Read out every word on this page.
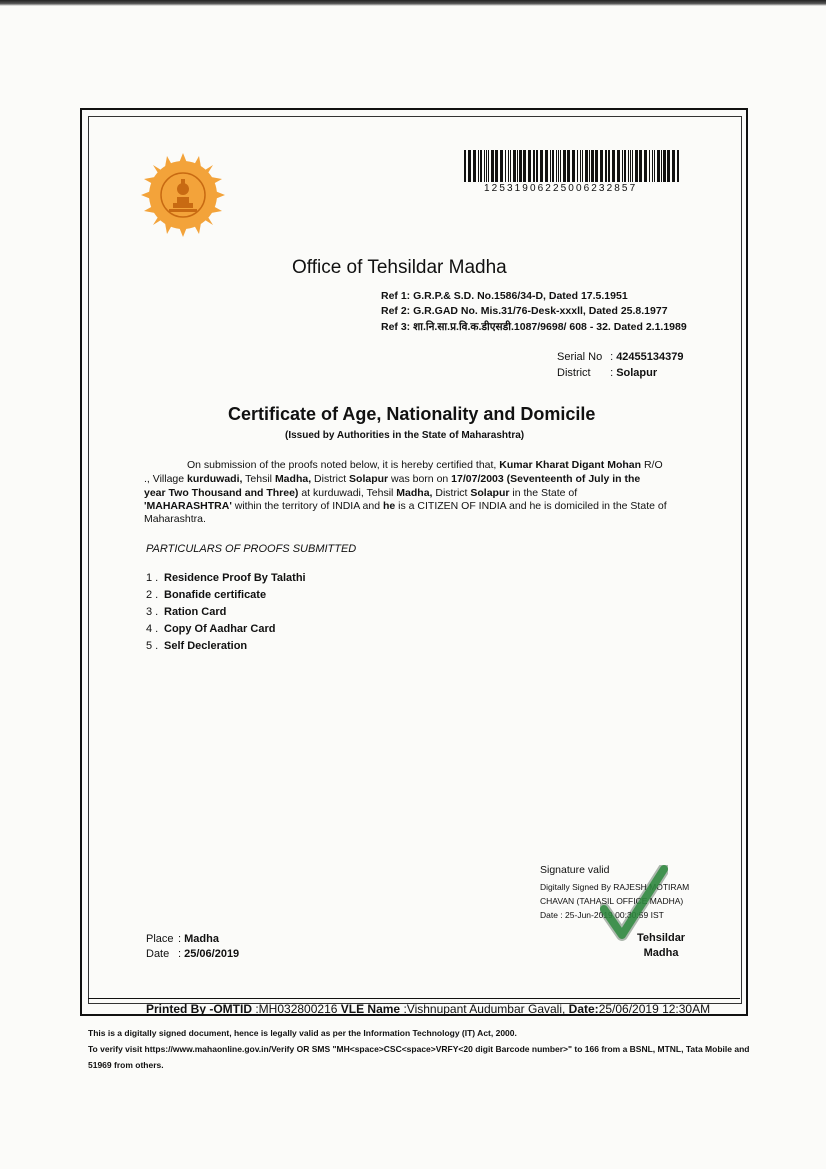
12531906225006232857
Office of Tehsildar Madha
Ref 1: G.R.P.& S.D. No.1586/34-D, Dated 17.5.1951
Ref 2: G.R.GAD No. Mis.31/76-Desk-xxxll, Dated 25.8.1977
Ref 3: शा.नि.सा.प्र.वि.क.डीएसडी.1087/9698/ 608 - 32. Dated 2.1.1989
Serial No : 42455134379
District : Solapur
Certificate of Age, Nationality and Domicile
(Issued by Authorities in the State of Maharashtra)
On submission of the proofs noted below, it is hereby certified that, Kumar Kharat Digant Mohan R/O
., Village kurduwadi, Tehsil Madha, District Solapur was born on 17/07/2003 (Seventeenth of July in the
year Two Thousand and Three) at kurduwadi, Tehsil Madha, District Solapur in the State of
'MAHARASHTRA' within the territory of INDIA and he is a CITIZEN OF INDIA and he is domiciled in the State of
Maharashtra.
PARTICULARS OF PROOFS SUBMITTED
1 . Residence Proof By Talathi
2 . Bonafide certificate
3 . Ration Card
4 . Copy Of Aadhar Card
5 . Self Decleration
Signature valid
Digitally Signed By RAJESH MOTIRAM
CHAVAN (TAHASIL OFFICE MADHA)
Date : 25-Jun-2019 00:30:59 IST
Tehsildar
Madha
Place : Madha
Date : 25/06/2019
Printed By -OMTID :MH032800216 VLE Name :Vishnupant Audumbar Gavali, Date:25/06/2019 12:30AM
This is a digitally signed document, hence is legally valid as per the Information Technology (IT) Act, 2000.
To verify visit https://www.mahaonline.gov.in/Verify OR SMS "MH<space>CSC<space>VRFY<20 digit Barcode number>" to 166 from a BSNL, MTNL, Tata Mobile and
51969 from others.
